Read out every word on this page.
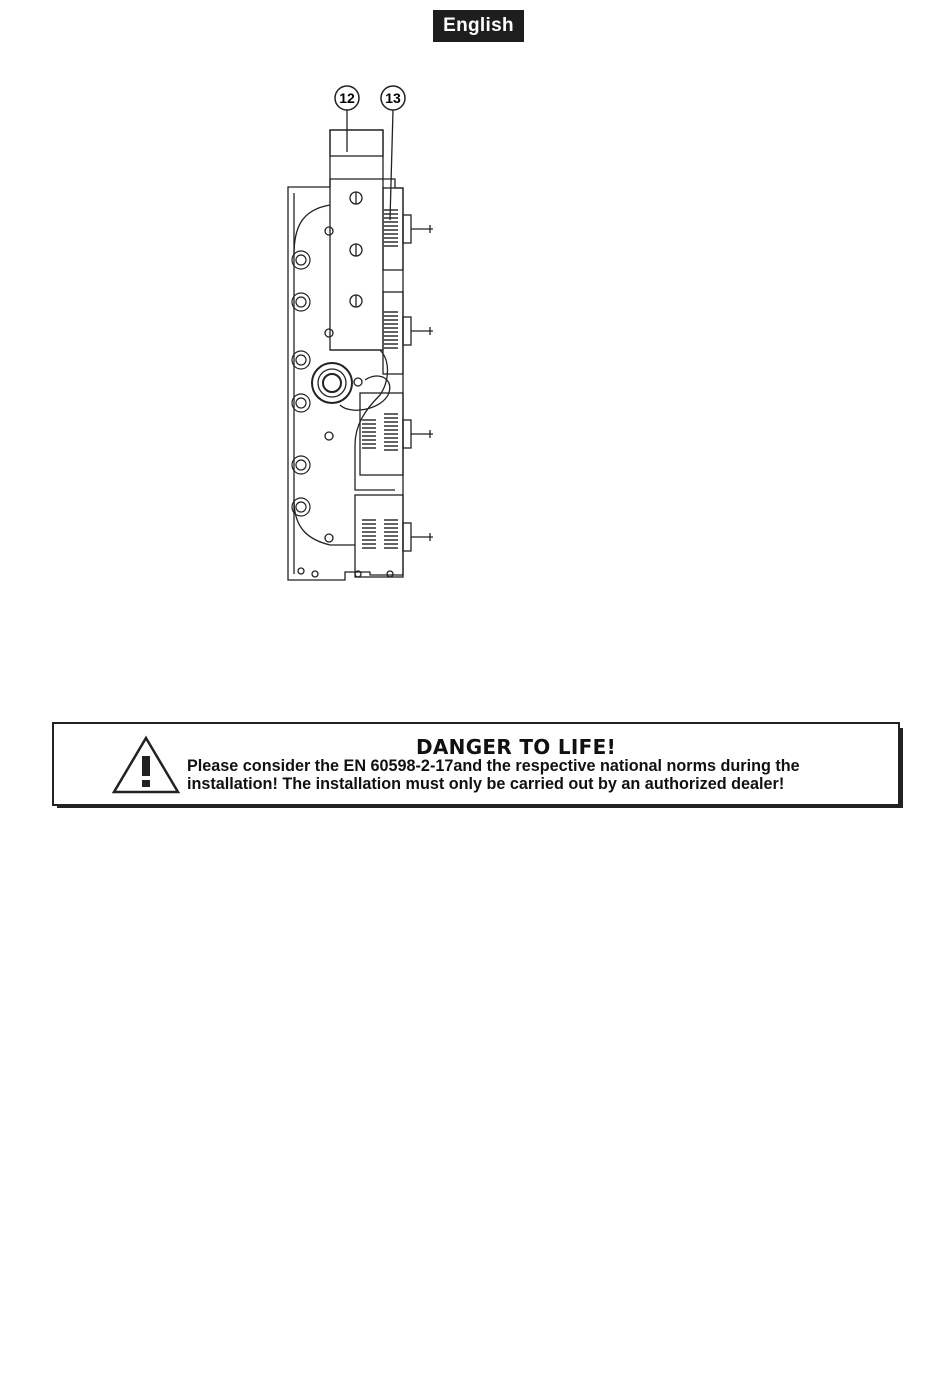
English
12 13
DANGER TO LIFE!
Please consider the EN 60598-2-17and the respective national norms during the
installation! The installation must only be carried out by an authorized dealer!
